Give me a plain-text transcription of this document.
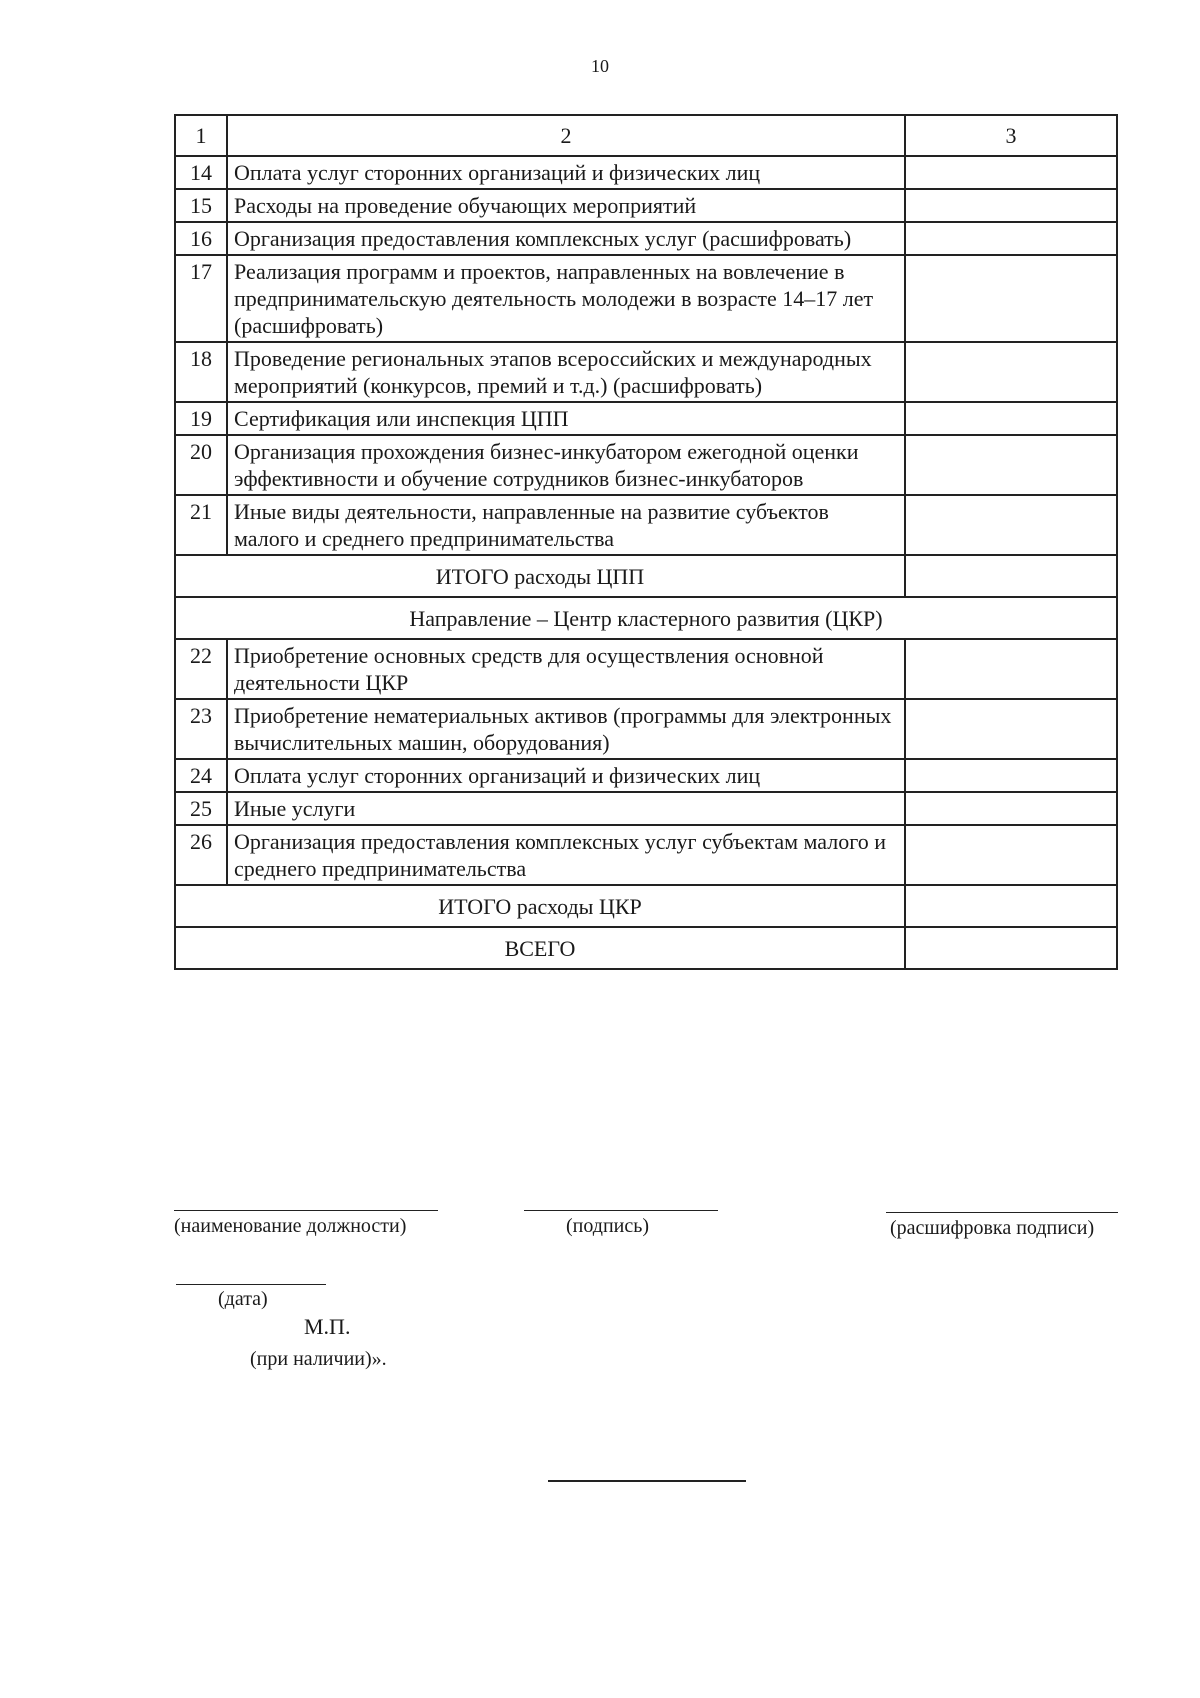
10
1	2	3
14	Оплата услуг сторонних организаций и физических лиц	
15	Расходы на проведение обучающих мероприятий	
16	Организация предоставления комплексных услуг (расшифровать)	
17	Реализация программ и проектов, направленных на вовлечение в предпринимательскую деятельность молодежи в возрасте 14–17 лет (расшифровать)	
18	Проведение региональных этапов всероссийских и международных мероприятий (конкурсов, премий и т.д.) (расшифровать)	
19	Сертификация или инспекция ЦПП	
20	Организация прохождения бизнес-инкубатором ежегодной оценки эффективности и обучение сотрудников бизнес-инкубаторов	
21	Иные виды деятельности, направленные на развитие субъектов малого и среднего предпринимательства	
ИТОГО расходы ЦПП		
Направление – Центр кластерного развития (ЦКР)		
22	Приобретение основных средств для осуществления основной деятельности ЦКР	
23	Приобретение нематериальных активов (программы для электронных вычислительных машин, оборудования)	
24	Оплата услуг сторонних организаций и физических лиц	
25	Иные услуги	
26	Организация предоставления комплексных услуг субъектам малого и среднего предпринимательства	
ИТОГО расходы ЦКР		
ВСЕГО		
(наименование должности)	(подпись)	(расшифровка подписи)
(дата)
М.П.
(при наличии)».
